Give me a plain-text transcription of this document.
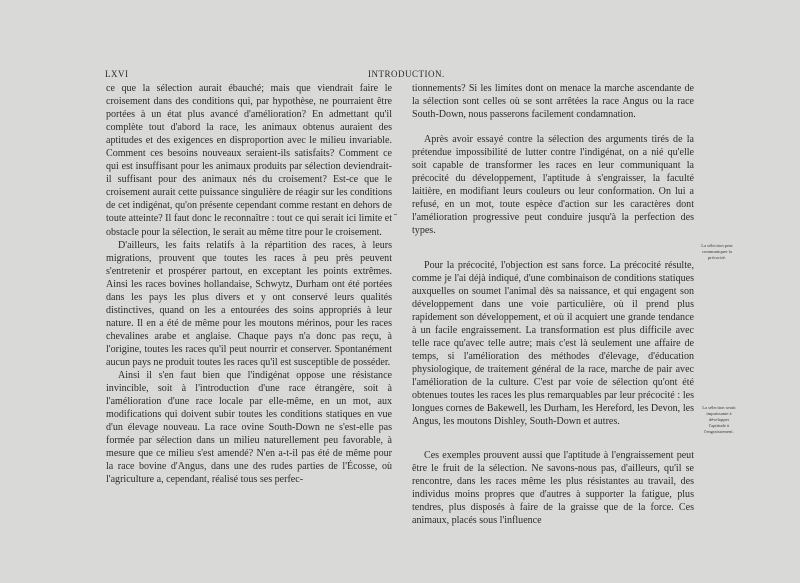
LXVI	INTRODUCTION.

ce que la sélection aurait ébauché; mais que viendrait faire le croisement dans des conditions qui, par hypothèse, ne pourraient être portées à un état plus avancé d'amélioration? En admettant qu'il complète tout d'abord la race, les animaux obtenus auraient des aptitudes et des exigences en disproportion avec le milieu invariable. Comment ces besoins nouveaux seraient-ils satisfaits? Comment ce qui est insuffisant pour les animaux produits par sélection deviendrait-il suffisant pour des animaux nés du croisement? Est-ce que le croisement aurait cette puissance singulière de réagir sur les conditions de cet indigénat, qu'on présente cependant comme restant en dehors de toute atteinte? Il faut donc le reconnaître : tout ce qui serait ici limite et obstacle pour la sélection, le serait au même titre pour le croisement.

D'ailleurs, les faits relatifs à la répartition des races, à leurs migrations, prouvent que toutes les races à peu près peuvent s'entretenir et prospérer partout, en exceptant les points extrêmes. Ainsi les races bovines hollandaise, Schwytz, Durham ont été portées dans les pays les plus divers et y ont conservé leurs qualités distinctives, quand on les a entourées des soins appropriés à leur nature. Il en a été de même pour les moutons mérinos, pour les races chevalines arabe et anglaise. Chaque pays n'a donc pas reçu, à l'origine, toutes les races qu'il peut nourrir et conserver. Spontanément aucun pays ne produit toutes les races qu'il est susceptible de posséder.

Ainsi il s'en faut bien que l'indigénat oppose une résistance invincible, soit à l'introduction d'une race étrangère, soit à l'amélioration d'une race locale par elle-même, en un mot, aux modifications qui doivent subir toutes les conditions statiques en vue d'un élevage nouveau. La race ovine South-Down ne s'est-elle pas formée par sélection dans un milieu naturellement peu favorable, à mesure que ce milieu s'est amendé? N'en a-t-il pas été de même pour la race bovine d'Angus, dans une des rudes parties de l'Écosse, où l'agriculture a, cependant, réalisé tous ses perfec-

tionnements? Si les limites dont on menace la marche ascendante de la sélection sont celles où se sont arrêtées la race Angus ou la race South-Down, nous passerons facilement condamnation.

Après avoir essayé contre la sélection des arguments tirés de la prétendue impossibilité de lutter contre l'indigénat, on a nié qu'elle soit capable de transformer les races en leur communiquant la précocité du développement, l'aptitude à s'engraisser, la faculté laitière, en modifiant leurs couleurs ou leur conformation. On lui a refusé, en un mot, toute espèce d'action sur les caractères dont l'amélioration progressive peut conduire jusqu'à la perfection des types.

Pour la précocité, l'objection est sans force. La précocité résulte, comme je l'ai déjà indiqué, d'une combinaison de conditions statiques auxquelles on soumet l'animal dès sa naissance, et qui engagent son développement dans une voie particulière, où il prend plus rapidement son développement, et où il acquiert une grande tendance à un facile engraissement. La transformation est plus difficile avec telle race qu'avec telle autre; mais c'est là seulement une affaire de temps, si l'amélioration des méthodes d'élevage, d'éducation physiologique, de traitement général de la race, marche de pair avec l'amélioration de la culture. C'est par voie de sélection qu'ont été obtenues toutes les races les plus remarquables par leur précocité : les longues cornes de Bakewell, les Durham, les Hereford, les Devon, les Angus, les moutons Dishley, South-Down et autres.

Ces exemples prouvent aussi que l'aptitude à l'engraissement peut être le fruit de la sélection. Ne savons-nous pas, d'ailleurs, qu'il se rencontre, dans les races même les plus résistantes au travail, des individus moins propres que d'autres à supporter la fatigue, plus tendres, plus disposés à faire de la graisse que de la force. Ces animaux, placés sous l'influence

La sélection peut communiquer la précocité.
La sélection serait impuissante à développer l'aptitude à l'engraissement.
